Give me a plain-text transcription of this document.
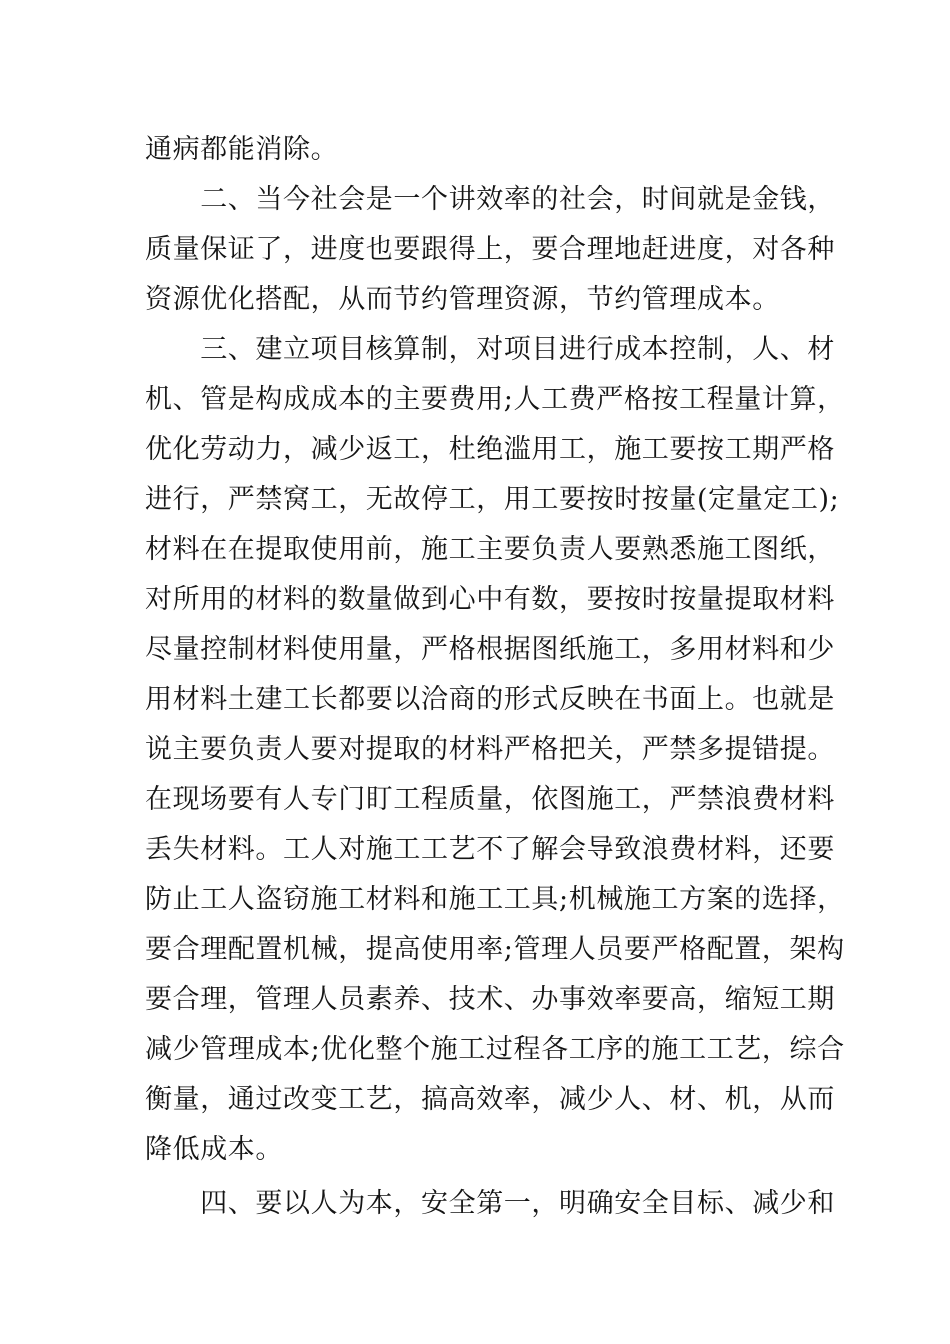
通病都能消除。
　　二、当今社会是一个讲效率的社会，时间就是金钱，
质量保证了，进度也要跟得上，要合理地赶进度，对各种
资源优化搭配，从而节约管理资源，节约管理成本。
　　三、建立项目核算制，对项目进行成本控制，人、材
机、管是构成成本的主要费用;人工费严格按工程量计算，
优化劳动力，减少返工，杜绝滥用工，施工要按工期严格
进行，严禁窝工，无故停工，用工要按时按量(定量定工);
材料在在提取使用前，施工主要负责人要熟悉施工图纸，
对所用的材料的数量做到心中有数，要按时按量提取材料
尽量控制材料使用量，严格根据图纸施工，多用材料和少
用材料土建工长都要以洽商的形式反映在书面上。也就是
说主要负责人要对提取的材料严格把关，严禁多提错提。
在现场要有人专门盯工程质量，依图施工，严禁浪费材料
丢失材料。工人对施工工艺不了解会导致浪费材料，还要
防止工人盗窃施工材料和施工工具;机械施工方案的选择，
要合理配置机械，提高使用率;管理人员要严格配置，架构
要合理，管理人员素养、技术、办事效率要高，缩短工期
减少管理成本;优化整个施工过程各工序的施工工艺，综合
衡量，通过改变工艺，搞高效率，减少人、材、机，从而
降低成本。
　　四、要以人为本，安全第一，明确安全目标、减少和
